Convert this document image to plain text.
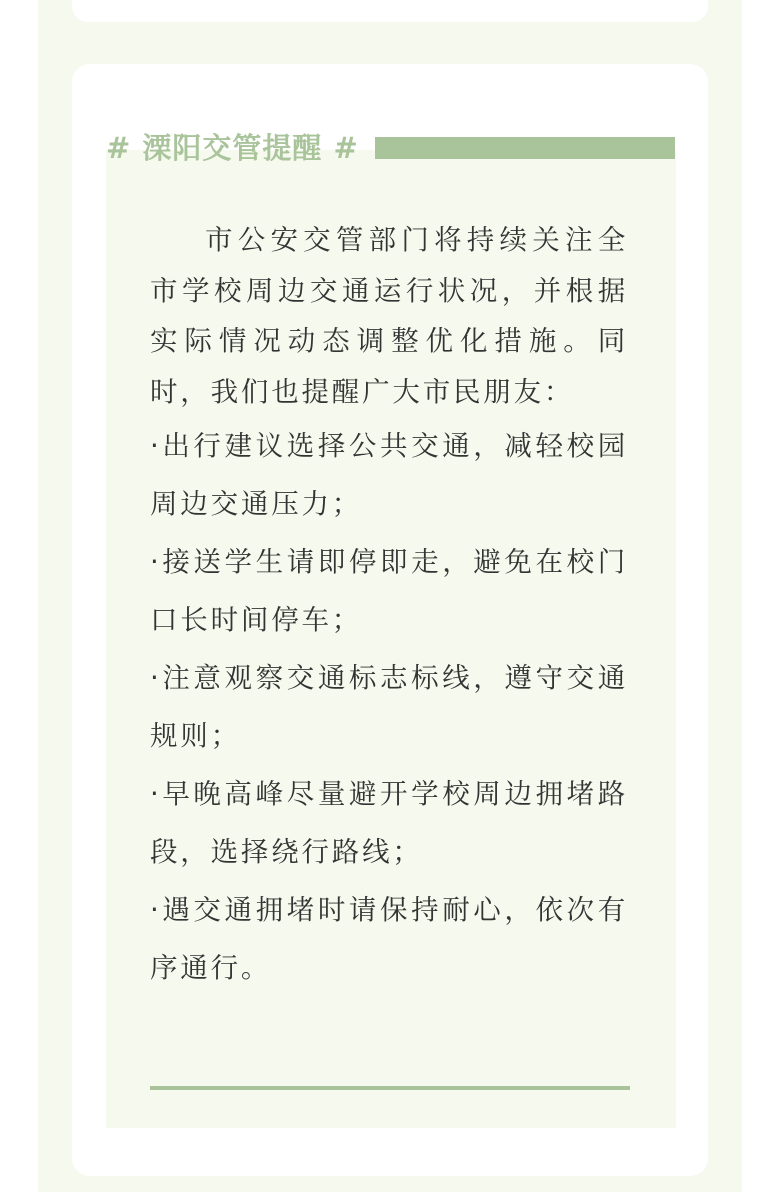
# 溧阳交管提醒 #

市公安交管部门将持续关注全市学校周边交通运行状况，并根据实际情况动态调整优化措施。同时，我们也提醒广大市民朋友：

·出行建议选择公共交通，减轻校园周边交通压力；

·接送学生请即停即走，避免在校门口长时间停车；

·注意观察交通标志标线，遵守交通规则；

·早晚高峰尽量避开学校周边拥堵路段，选择绕行路线；

·遇交通拥堵时请保持耐心，依次有序通行。
